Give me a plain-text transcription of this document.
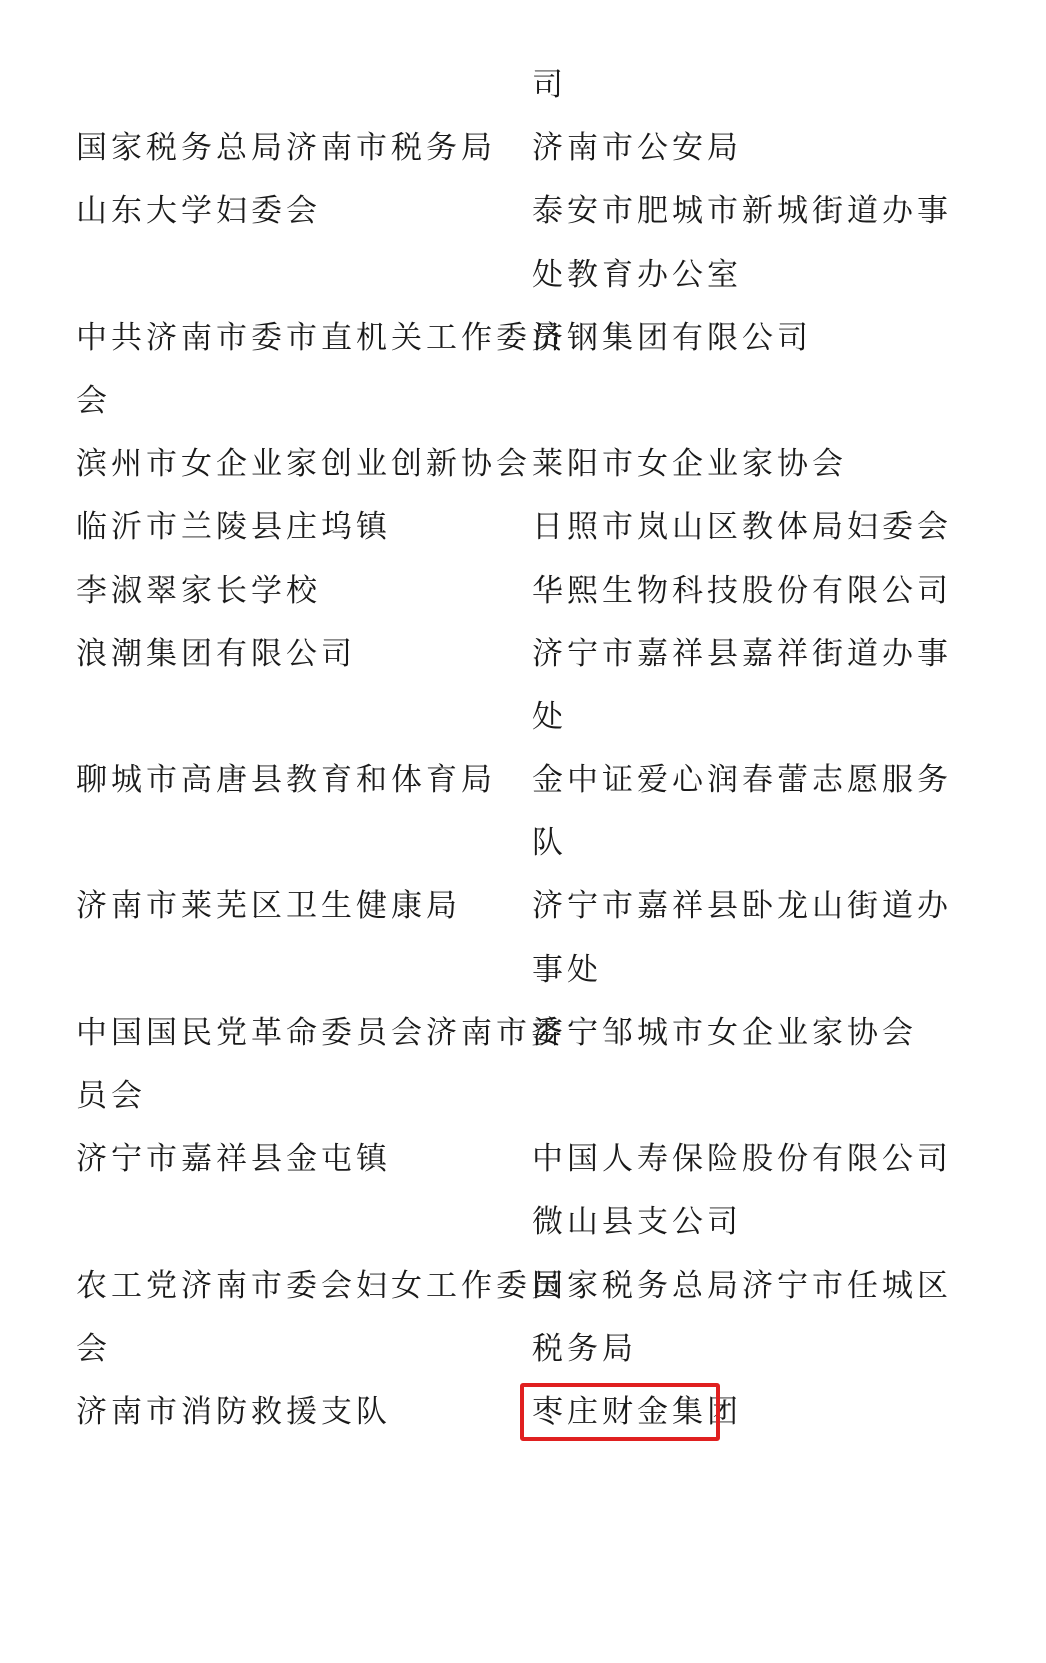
国家税务总局济南市税务局
山东大学妇委会
中共济南市委市直机关工作委员
会
滨州市女企业家创业创新协会
临沂市兰陵县庄坞镇
李淑翠家长学校
浪潮集团有限公司
聊城市高唐县教育和体育局
济南市莱芜区卫生健康局
中国国民党革命委员会济南市委
员会
济宁市嘉祥县金屯镇
农工党济南市委会妇女工作委员
会
济南市消防救援支队
司
济南市公安局
泰安市肥城市新城街道办事
处教育办公室
济钢集团有限公司
莱阳市女企业家协会
日照市岚山区教体局妇委会
华熙生物科技股份有限公司
济宁市嘉祥县嘉祥街道办事
处
金中证爱心润春蕾志愿服务
队
济宁市嘉祥县卧龙山街道办
事处
济宁邹城市女企业家协会
中国人寿保险股份有限公司
微山县支公司
国家税务总局济宁市任城区
税务局
枣庄财金集团
